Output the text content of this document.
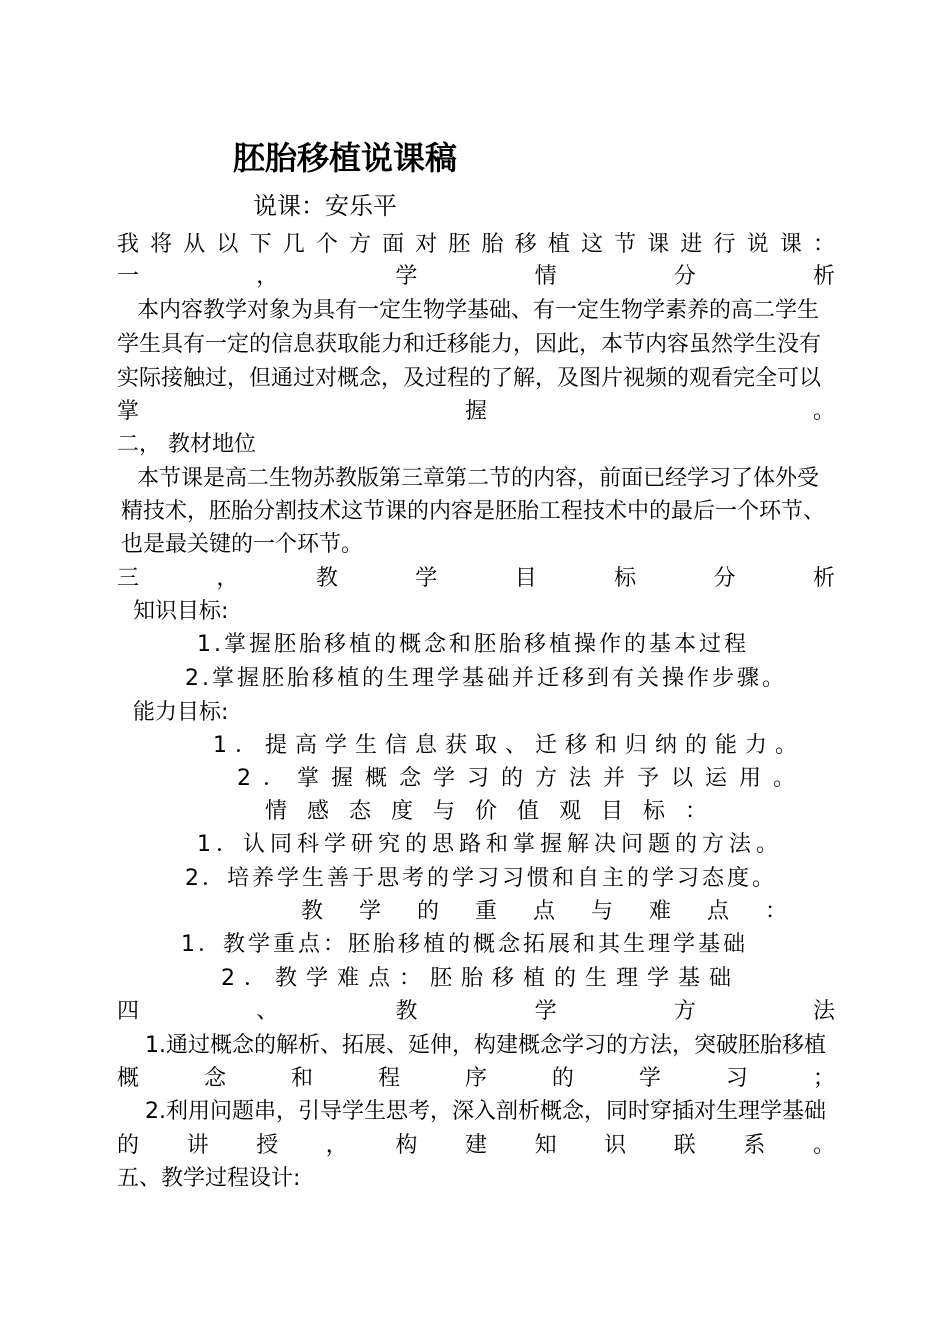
胚胎移植说课稿
说课：安乐平
我 将 从 以 下 几 个 方 面 对 胚 胎 移 植 这 节 课 进 行 说 课 ：
一	，	学	情	分	析
本内容教学对象为具有一定生物学基础、有一定生物学素养的高二学生
学生具有一定的信息获取能力和迁移能力，因此，本节内容虽然学生没有
实际接触过，但通过对概念，及过程的了解，及图片视频的观看完全可以
掌	握	。
二， 教材地位
本节课是高二生物苏教版第三章第二节的内容，前面已经学习了体外受
精技术，胚胎分割技术这节课的内容是胚胎工程技术中的最后一个环节、
也是最关键的一个环节。
三	，	教	学	目	标	分	析
知识目标:
1.掌握胚胎移植的概念和胚胎移植操作的基本过程
2.掌握胚胎移植的生理学基础并迁移到有关操作步骤。
能力目标:
1．提高学生信息获取、迁移和归纳的能力。
2．掌握概念学习的方法并予以运用。
情感态度与价值观目标：
1．认同科学研究的思路和掌握解决问题的方法。
2．培养学生善于思考的学习习惯和自主的学习态度。
教学的重点与难点：
1．教学重点：胚胎移植的概念拓展和其生理学基础
2．教学难点：胚胎移植的生理学基础
四	、	教	学	方	法
1.通过概念的解析、拓展、延伸，构建概念学习的方法，突破胚胎移植
概	念	和	程	序	的	学	习	；
2.利用问题串，引导学生思考，深入剖析概念，同时穿插对生理学基础
的 讲 授 ， 构 建 知 识 联 系 。
五、教学过程设计:
